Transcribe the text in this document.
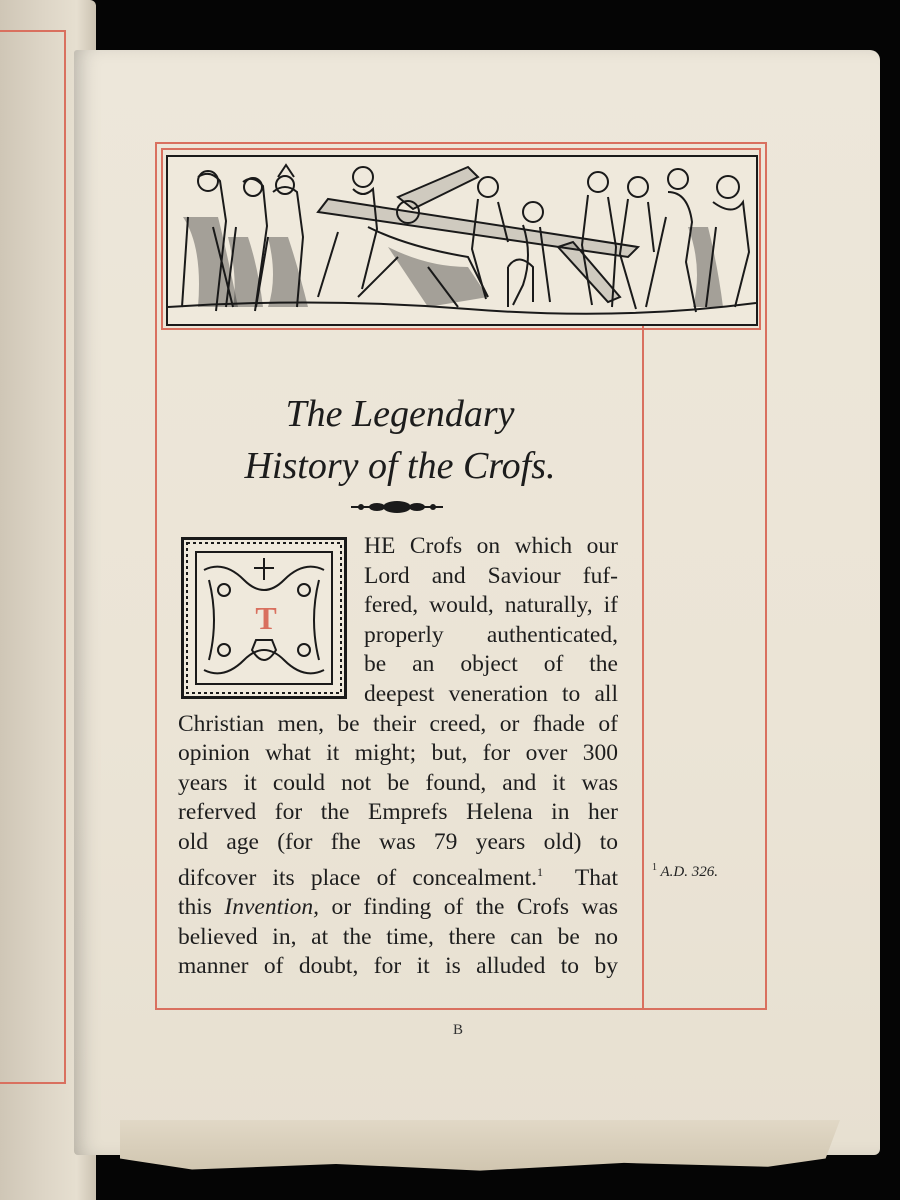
The Legendary
History of the Crofs.
T
HE Crofs on which our
Lord and Saviour fuf-
fered, would, naturally, if
properly authenticated,
be an object of the
deepest veneration to all
Christian men, be their creed, or fhade of
opinion what it might; but, for over 300
years it could not be found, and it was
referved for the Emprefs Helena in her
old age (for fhe was 79 years old) to
difcover its place of concealment.$^1$ That
this Invention, or finding of the Crofs was
believed in, at the time, there can be no
manner of doubt, for it is alluded to by
$^1$ A.D. 326.
B
